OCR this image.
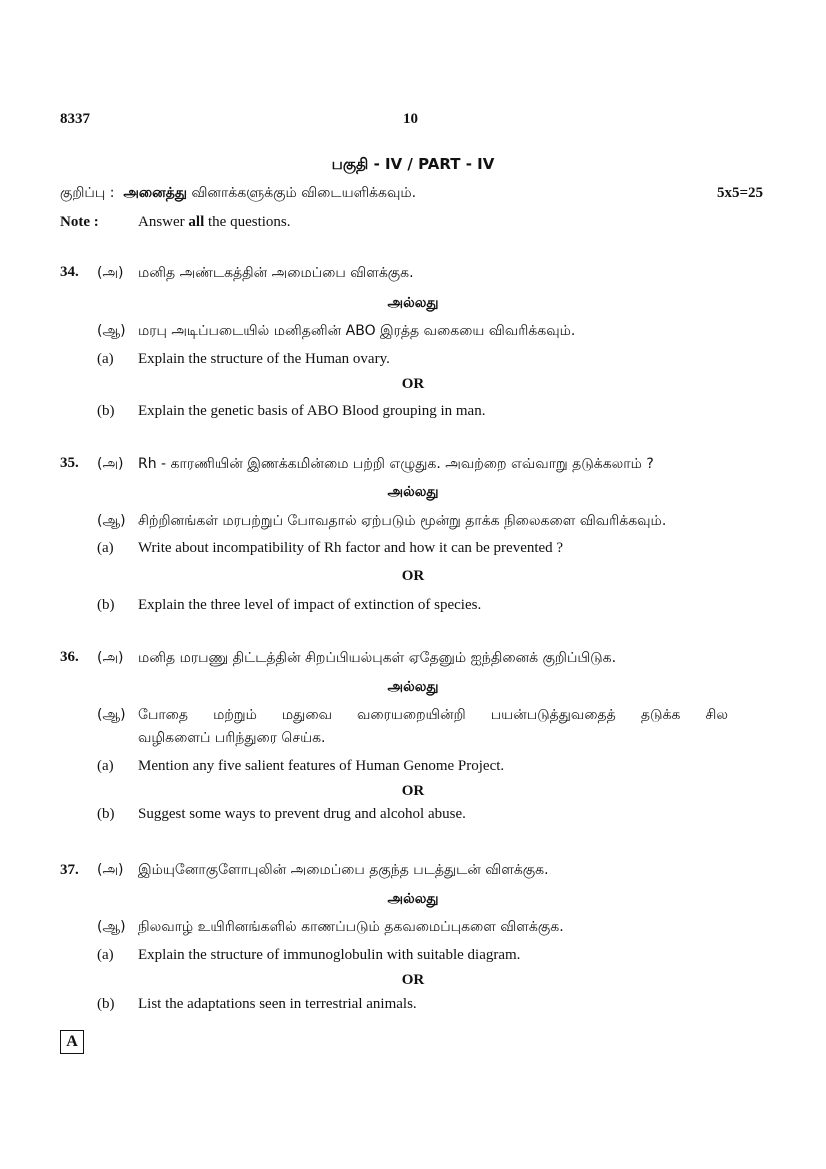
8337	10
பகுதி - IV / PART - IV
குறிப்பு : அனைத்து வினாக்களுக்கும் விடையளிக்கவும்.	5x5=25
Note :	Answer all the questions.
34. (அ) மனித அண்டகத்தின் அமைப்பை விளக்குக.
அல்லது
(ஆ) மரபு அடிப்படையில் மனிதனின் ABO இரத்த வகையை விவரிக்கவும்.
(a) Explain the structure of the Human ovary.
OR
(b) Explain the genetic basis of ABO Blood grouping in man.
35. (அ) Rh - காரணியின் இணக்கமின்மை பற்றி எழுதுக. அவற்றை எவ்வாறு தடுக்கலாம் ?
அல்லது
(ஆ) சிற்றினங்கள் மரபற்றுப் போவதால் ஏற்படும் மூன்று தாக்க நிலைகளை விவரிக்கவும்.
(a) Write about incompatibility of Rh factor and how it can be prevented ?
OR
(b) Explain the three level of impact of extinction of species.
36. (அ) மனித மரபணு திட்டத்தின் சிறப்பியல்புகள் ஏதேனும் ஐந்தினைக் குறிப்பிடுக.
அல்லது
(ஆ) போதை மற்றும் மதுவை வரையறையின்றி பயன்படுத்துவதைத் தடுக்க சில
வழிகளைப் பரிந்துரை செய்க.
(a) Mention any five salient features of Human Genome Project.
OR
(b) Suggest some ways to prevent drug and alcohol abuse.
37. (அ) இம்யுனோகுளோபுலின் அமைப்பை தகுந்த படத்துடன் விளக்குக.
அல்லது
(ஆ) நிலவாழ் உயிரினங்களில் காணப்படும் தகவமைப்புகளை விளக்குக.
(a) Explain the structure of immunoglobulin with suitable diagram.
OR
(b) List the adaptations seen in terrestrial animals.
A
